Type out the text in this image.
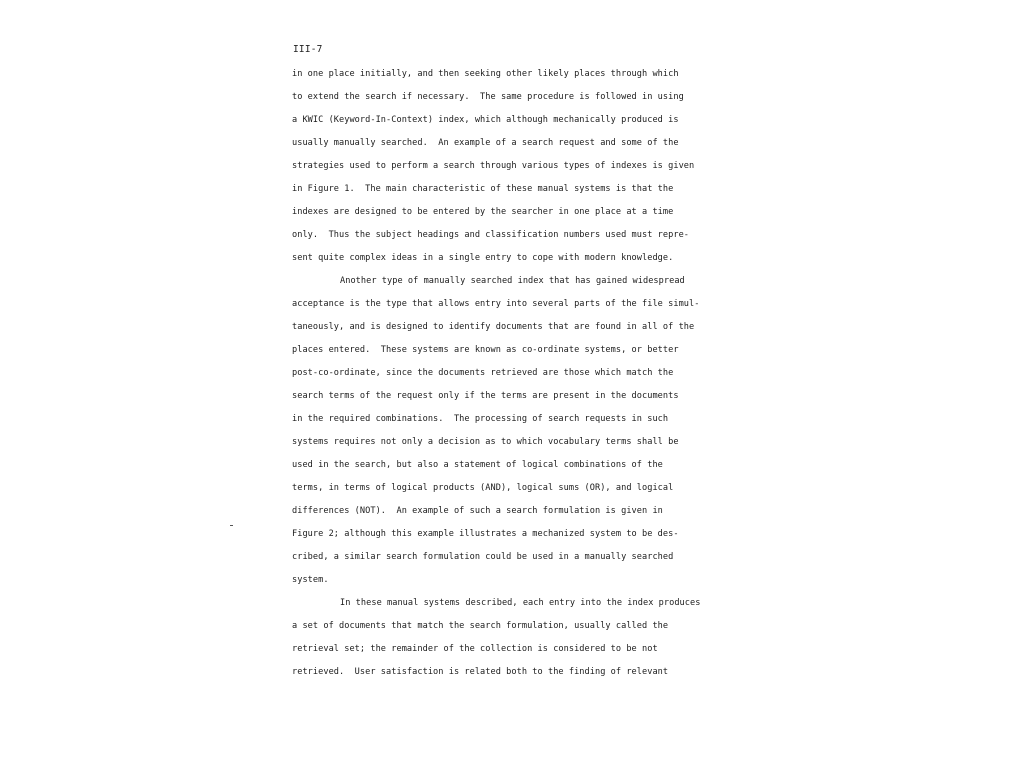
III-7
in one place initially, and then seeking other likely places through which
to extend the search if necessary.  The same procedure is followed in using
a KWIC (Keyword-In-Context) index, which although mechanically produced is
usually manually searched.  An example of a search request and some of the
strategies used to perform a search through various types of indexes is given
in Figure 1.  The main characteristic of these manual systems is that the
indexes are designed to be entered by the searcher in one place at a time
only.  Thus the subject headings and classification numbers used must repre-
sent quite complex ideas in a single entry to cope with modern knowledge.
Another type of manually searched index that has gained widespread
acceptance is the type that allows entry into several parts of the file simul-
taneously, and is designed to identify documents that are found in all of the
places entered.  These systems are known as co-ordinate systems, or better
post-co-ordinate, since the documents retrieved are those which match the
search terms of the request only if the terms are present in the documents
in the required combinations.  The processing of search requests in such
systems requires not only a decision as to which vocabulary terms shall be
used in the search, but also a statement of logical combinations of the
terms, in terms of logical products (AND), logical sums (OR), and logical
differences (NOT).  An example of such a search formulation is given in
Figure 2; although this example illustrates a mechanized system to be des-
cribed, a similar search formulation could be used in a manually searched
system.
In these manual systems described, each entry into the index produces
a set of documents that match the search formulation, usually called the
retrieval set; the remainder of the collection is considered to be not
retrieved.  User satisfaction is related both to the finding of relevant
